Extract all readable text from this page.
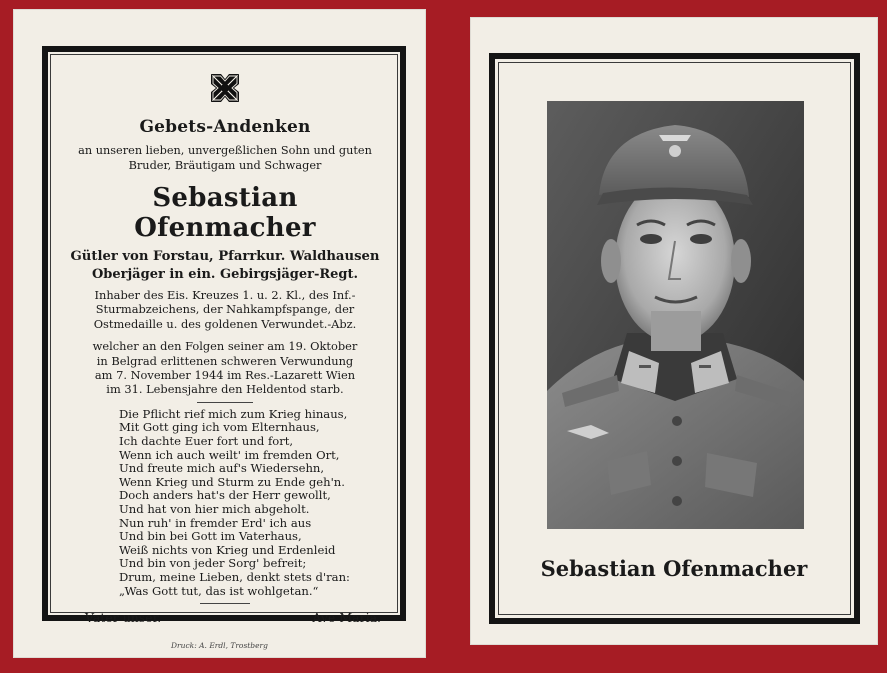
Gebets-Andenken
an unseren lieben, unvergeßlichen Sohn und guten
Bruder, Bräutigam und Schwager
Sebastian Ofenmacher
Gütler von Forstau, Pfarrkur. Waldhausen
Oberjäger in ein. Gebirgsjäger-Regt.
Inhaber des Eis. Kreuzes 1. u. 2. Kl., des Inf.-
Sturmabzeichens, der Nahkampfspange, der
Ostmedaille u. des goldenen Verwundet.-Abz.
welcher an den Folgen seiner am 19. Oktober
in Belgrad erlittenen schweren Verwundung
am 7. November 1944 im Res.-Lazarett Wien
im 31. Lebensjahre den Heldentod starb.
Die Pflicht rief mich zum Krieg hinaus,
Mit Gott ging ich vom Elternhaus,
Ich dachte Euer fort und fort,
Wenn ich auch weilt' im fremden Ort,
Und freute mich auf's Wiedersehn,
Wenn Krieg und Sturm zu Ende geh'n.
Doch anders hat's der Herr gewollt,
Und hat von hier mich abgeholt.
Nun ruh' in fremder Erd' ich aus
Und bin bei Gott im Vaterhaus,
Weiß nichts von Krieg und Erdenleid
Und bin von jeder Sorg' befreit;
Drum, meine Lieben, denkt stets d'ran:
„Was Gott tut, das ist wohlgetan.“
Vater unser.	Ave Maria.
Druck: A. Erdl, Trostberg
Sebastian Ofenmacher
